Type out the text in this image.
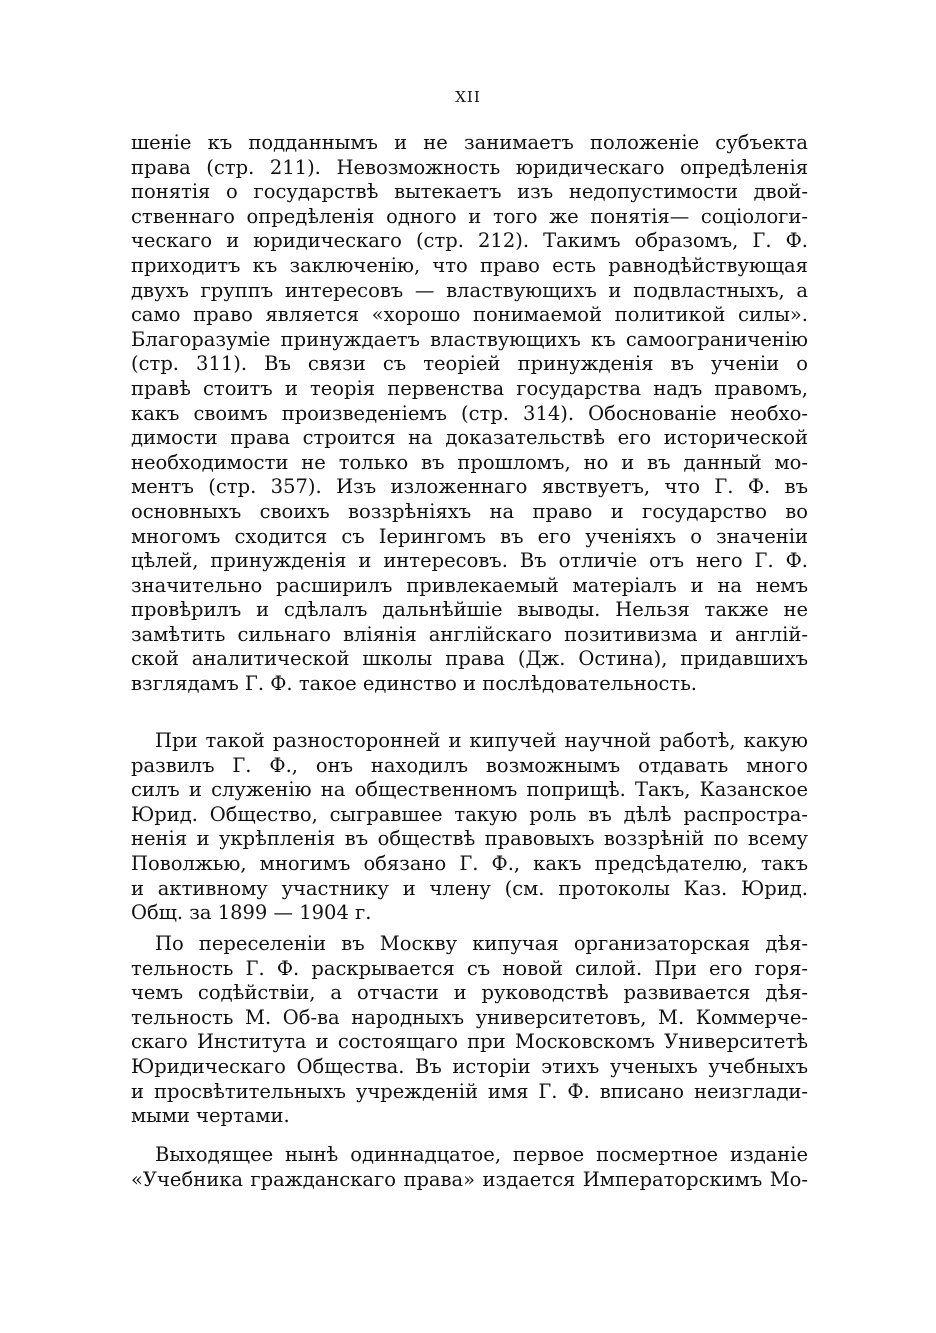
XII
шеніе къ подданнымъ и не занимаетъ положеніе субъекта
права (стр. 211). Невозможность юридическаго опредѣленія
понятія о государствѣ вытекаетъ изъ недопустимости двой-
ственнаго опредѣленія одного и того же понятія— соціологи-
ческаго и юридическаго (стр. 212). Такимъ образомъ, Г. Ф.
приходитъ къ заключенію, что право есть равнодѣйствующая
двухъ группъ интересовъ — властвующихъ и подвластныхъ, а
само право является «хорошо понимаемой политикой силы».
Благоразуміе принуждаетъ властвующихъ къ самоограниченію
(стр. 311). Въ связи съ теоріей принужденія въ ученіи о
правѣ стоитъ и теорія первенства государства надъ правомъ,
какъ своимъ произведеніемъ (стр. 314). Обоснованіе необхо-
димости права строится на доказательствѣ его исторической
необходимости не только въ прошломъ, но и въ данный мо-
ментъ (стр. 357). Изъ изложеннаго явствуетъ, что Г. Ф. въ
основныхъ своихъ воззрѣніяхъ на право и государство во
многомъ сходится съ Іерингомъ въ его ученіяхъ о значеніи
цѣлей, принужденія и интересовъ. Въ отличіе отъ него Г. Ф.
значительно расширилъ привлекаемый матеріалъ и на немъ
провѣрилъ и сдѣлалъ дальнѣйшіе выводы. Нельзя также не
замѣтить сильнаго вліянія англійскаго позитивизма и англій-
ской аналитической школы права (Дж. Остина), придавшихъ
взглядамъ Г. Ф. такое единство и послѣдовательность.
При такой разносторонней и кипучей научной работѣ, какую
развилъ Г. Ф., онъ находилъ возможнымъ отдавать много
силъ и служенію на общественномъ поприщѣ. Такъ, Казанское
Юрид. Общество, сыгравшее такую роль въ дѣлѣ распростра-
ненія и укрѣпленія въ обществѣ правовыхъ воззрѣній по всему
Поволжью, многимъ обязано Г. Ф., какъ предсѣдателю, такъ
и активному участнику и члену (см. протоколы Каз. Юрид.
Общ. за 1899 — 1904 г.
По переселеніи въ Москву кипучая организаторская дѣя-
тельность Г. Ф. раскрывается съ новой силой. При его горя-
чемъ содѣйствіи, а отчасти и руководствѣ развивается дѣя-
тельность М. Об-ва народныхъ университетовъ, М. Коммерче-
скаго Института и состоящаго при Московскомъ Университетѣ
Юридическаго Общества. Въ исторіи этихъ ученыхъ учебныхъ
и просвѣтительныхъ учрежденій имя Г. Ф. вписано неизглади-
мыми чертами.
Выходящее нынѣ одиннадцатое, первое посмертное изданіе
«Учебника гражданскаго права» издается Императорскимъ Мо-
